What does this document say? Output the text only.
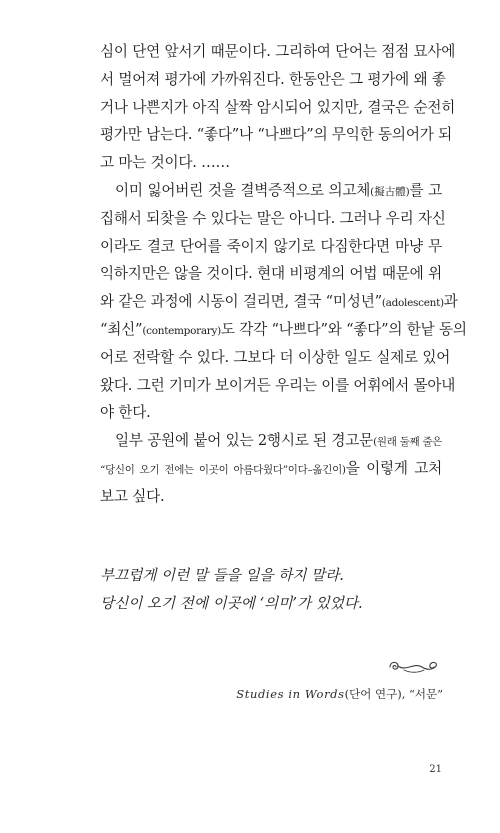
심이 단연 앞서기 때문이다. 그리하여 단어는 점점 묘사에
서 멀어져 평가에 가까워진다. 한동안은 그 평가에 왜 좋
거나 나쁜지가 아직 살짝 암시되어 있지만, 결국은 순전히
평가만 남는다. “좋다”나 “나쁘다”의 무익한 동의어가 되
고 마는 것이다. ……
이미 잃어버린 것을 결벽증적으로 의고체(擬古體)를 고
집해서 되찾을 수 있다는 말은 아니다. 그러나 우리 자신
이라도 결코 단어를 죽이지 않기로 다짐한다면 마냥 무
익하지만은 않을 것이다. 현대 비평계의 어법 때문에 위
와 같은 과정에 시동이 걸리면, 결국 “미성년”(adolescent)과
“최신”(contemporary)도 각각 “나쁘다”와 “좋다”의 한낱 동의
어로 전락할 수 있다. 그보다 더 이상한 일도 실제로 있어
왔다. 그런 기미가 보이거든 우리는 이를 어휘에서 몰아내
야 한다.
일부 공원에 붙어 있는 2행시로 된 경고문(원래 둘째 줄은
“당신이 오기 전에는 이곳이 아름다웠다”이다–옮긴이)을 이렇게 고처
보고 싶다.
부끄럽게 이런 말 들을 일을 하지 말라.
당신이 오기 전에 이곳에 ‘의미’가 있었다.
Studies in Words(단어 연구), “서문”
21
